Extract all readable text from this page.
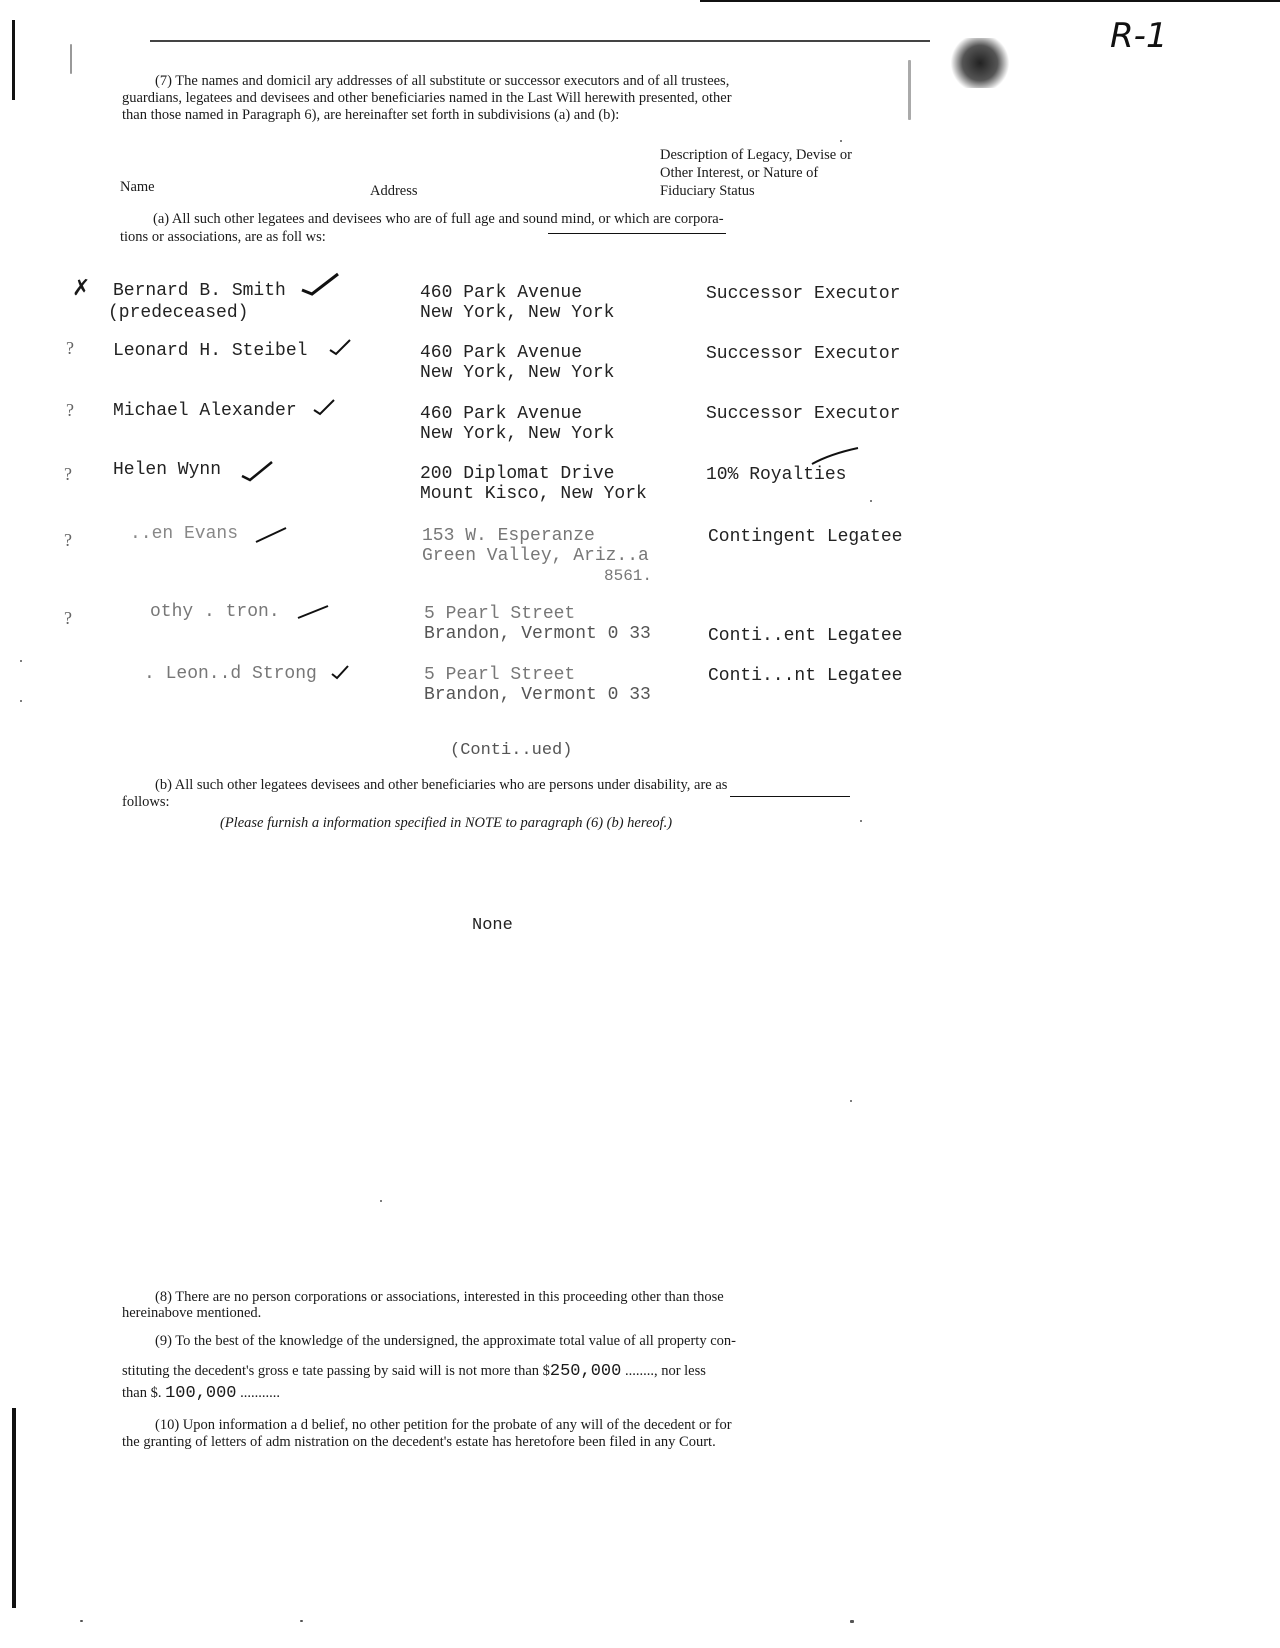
R-1
(7) The names and domicil ary addresses of all substitute or successor executors and of all trustees,
guardians, legatees and devisees and other beneficiaries named in the Last Will herewith presented, other
than those named in Paragraph 6), are hereinafter set forth in subdivisions (a) and (b):
Name	Address
Description of Legacy, Devise or
Other Interest, or Nature of
Fiduciary Status
(a) All such other legatees and devisees who are of full age and sound mind, or which are corpora-
tions or associations, are as foll ws:
✗ Bernard B. Smith
(predeceased)
460 Park Avenue
New York, New York
Successor Executor
? Leonard H. Steibel	460 Park Avenue
New York, New York
Successor Executor
? Michael Alexander	460 Park Avenue
New York, New York
Successor Executor
? Helen Wynn	200 Diplomat Drive
Mount Kisco, New York
10% Royalties
?	..en Evans	153 W. Esperanze
Green Valley, Ariz..a
8561.
Contingent Legatee
?	othy . tron.	5 Pearl Street
Brandon, Vermont 0 33	Conti..ent Legatee
. Leon..d Strong	5 Pearl Street
Brandon, Vermont 0 33
Conti...nt Legatee
(Conti..ued)
(b) All such other legatees devisees and other beneficiaries who are persons under disability, are as
follows:
(Please furnish a information specified in NOTE to paragraph (6) (b) hereof.)
None
(8) There are no person corporations or associations, interested in this proceeding other than those
hereinabove mentioned.
(9) To the best of the knowledge of the undersigned, the approximate total value of all property con-
stituting the decedent's gross e tate passing by said will is not more than $250,000 ........, nor less
than $. 100,000 ...........
(10) Upon information a d belief, no other petition for the probate of any will of the decedent or for
the granting of letters of adm nistration on the decedent's estate has heretofore been filed in any Court.
